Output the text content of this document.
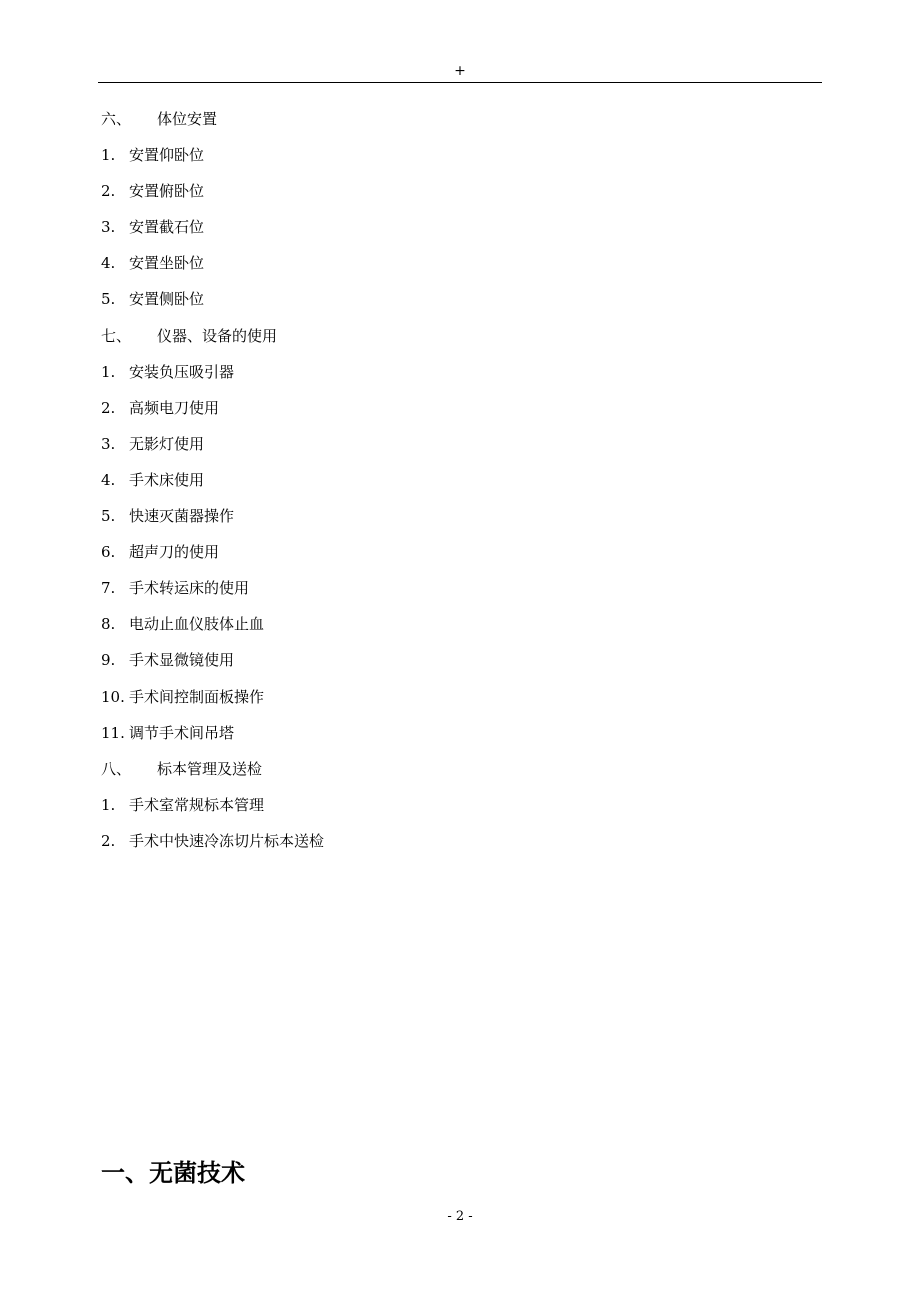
+
六、 体位安置
1. 安置仰卧位
2. 安置俯卧位
3. 安置截石位
4. 安置坐卧位
5. 安置侧卧位
七、 仪器、设备的使用
1. 安装负压吸引器
2. 高频电刀使用
3. 无影灯使用
4. 手术床使用
5. 快速灭菌器操作
6. 超声刀的使用
7. 手术转运床的使用
8. 电动止血仪肢体止血
9. 手术显微镜使用
10. 手术间控制面板操作
11. 调节手术间吊塔
八、 标本管理及送检
1. 手术室常规标本管理
2. 手术中快速冷冻切片标本送检
一、无菌技术
- 2 -
